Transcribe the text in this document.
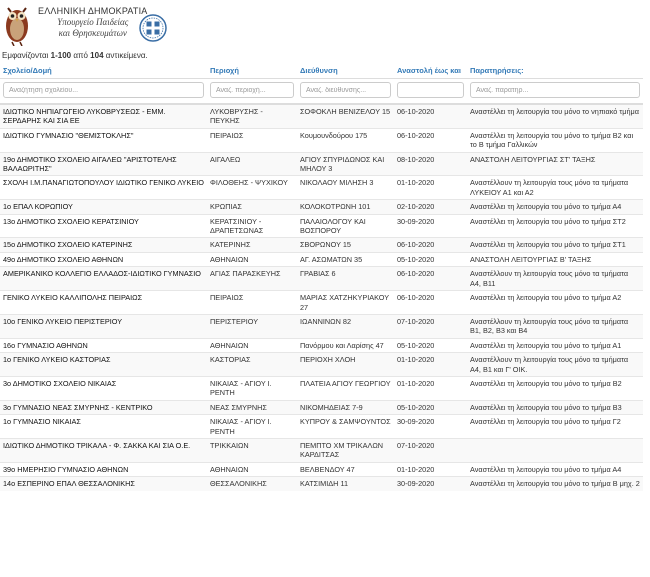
ΕΛΛΗΝΙΚΗ ΔΗΜΟΚΡΑΤΙΑ
Υπουργείο Παιδείας
και Θρησκευμάτων
Εμφανίζονται 1-100 από 104 αντικείμενα.
Σχολείο/Δομή	Περιοχή	Διεύθυνση	Αναστολή έως και	Παρατηρήσεις:
Αναζήτηση σχολείου...	Αναζ. περιοχή...	Αναζ. διεύθυνσης...		Αναζ. παρατηρ...
ΙΔΙΩΤΙΚΟ ΝΗΠΙΑΓΩΓΕΙΟ ΛΥΚΟΒΡΥΣΕΩΣ - ΕΜΜ. ΣΕΡΔΑΡΗΣ ΚΑΙ ΣΙΑ ΕΕ	ΛΥΚΟΒΡΥΣΗΣ - ΠΕΥΚΗΣ	ΣΟΦΟΚΛΗ ΒΕΝΙΖΕΛΟΥ 15	06-10-2020	Αναστέλλει τη λειτουργία του μόνο το νηπιακό τμήμα
ΙΔΙΩΤΙΚΟ ΓΥΜΝΑΣΙΟ "ΘΕΜΙΣΤΟΚΛΗΣ"	ΠΕΙΡΑΙΩΣ	Κουμουνδούρου 175	06-10-2020	Αναστέλλει τη λειτουργία του μόνο το τμήμα Β2 και το Β τμήμα Γαλλικών
19ο ΔΗΜΟΤΙΚΟ ΣΧΟΛΕΙΟ ΑΙΓΑΛΕΩ "ΑΡΙΣΤΟΤΕΛΗΣ ΒΑΛΑΩΡΙΤΗΣ"	ΑΙΓΑΛΕΩ	ΑΓΙΟΥ ΣΠΥΡΙΔΩΝΟΣ ΚΑΙ ΜΗΛΟΥ 3	08-10-2020	ΑΝΑΣΤΟΛΗ ΛΕΙΤΟΥΡΓΙΑΣ ΣΤ' ΤΑΞΗΣ
ΣΧΟΛΗ Ι.Μ.ΠΑΝΑΓΙΩΤΟΠΟΥΛΟΥ ΙΔΙΩΤΙΚΟ ΓΕΝΙΚΟ ΛΥΚΕΙΟ	ΦΙΛΟΘΕΗΣ - ΨΥΧΙΚΟΥ	ΝΙΚΟΛΑΟΥ ΜΙΛΗΣΗ 3	01-10-2020	Αναστέλλουν τη λειτουργία τους μόνο τα τμήματα ΛΥΚΕΙΟΥ Α1 και Α2
1ο ΕΠΑΛ ΚΟΡΩΠΙΟΥ	ΚΡΩΠΙΑΣ	ΚΟΛΟΚΟΤΡΩΝΗ 101	02-10-2020	Αναστέλλει τη λειτουργία του μόνο το τμήμα Α4
13ο ΔΗΜΟΤΙΚΟ ΣΧΟΛΕΙΟ ΚΕΡΑΤΣΙΝΙΟΥ	ΚΕΡΑΤΣΙΝΙΟΥ - ΔΡΑΠΕΤΣΩΝΑΣ	ΠΑΛΑΙΟΛΟΓΟΥ ΚΑΙ ΒΟΣΠΟΡΟΥ	30-09-2020	Αναστέλλει τη λειτουργία του μόνο το τμήμα ΣΤ2
15ο ΔΗΜΟΤΙΚΟ ΣΧΟΛΕΙΟ ΚΑΤΕΡΙΝΗΣ	ΚΑΤΕΡΙΝΗΣ	ΣΒΟΡΩΝΟΥ 15	06-10-2020	Αναστέλλει τη λειτουργία του μόνο το τμήμα ΣΤ1
49ο ΔΗΜΟΤΙΚΟ ΣΧΟΛΕΙΟ ΑΘΗΝΩΝ	ΑΘΗΝΑΙΩΝ	ΑΓ. ΑΣΩΜΑΤΩΝ 35	05-10-2020	ΑΝΑΣΤΟΛΗ ΛΕΙΤΟΥΡΓΙΑΣ Β' ΤΑΞΗΣ
ΑΜΕΡΙΚΑΝΙΚΟ ΚΟΛΛΕΓΙΟ ΕΛΛΑΔΟΣ-ΙΔΙΩΤΙΚΟ ΓΥΜΝΑΣΙΟ	ΑΓΙΑΣ ΠΑΡΑΣΚΕΥΗΣ	ΓΡΑΒΙΑΣ 6	06-10-2020	Αναστέλλουν τη λειτουργία τους μόνο τα τμήματα Α4, Β11
ΓΕΝΙΚΟ ΛΥΚΕΙΟ ΚΑΛΛΙΠΟΛΗΣ ΠΕΙΡΑΙΩΣ	ΠΕΙΡΑΙΩΣ	ΜΑΡΙΑΣ ΧΑΤΖΗΚΥΡΙΑΚΟΥ 27	06-10-2020	Αναστέλλει τη λειτουργία του μόνο το τμήμα Α2
10ο ΓΕΝΙΚΟ ΛΥΚΕΙΟ ΠΕΡΙΣΤΕΡΙΟΥ	ΠΕΡΙΣΤΕΡΙΟΥ	ΙΩΑΝΝΙΝΩΝ 82	07-10-2020	Αναστέλλουν τη λειτουργία τους μόνο τα τμήματα Β1, Β2, Β3 και Β4
16ο ΓΥΜΝΑΣΙΟ ΑΘΗΝΩΝ	ΑΘΗΝΑΙΩΝ	Πανόρμου και Λαρίσης 47	05-10-2020	Αναστέλλει τη λειτουργία του μόνο το τμήμα Α1
1ο ΓΕΝΙΚΟ ΛΥΚΕΙΟ ΚΑΣΤΟΡΙΑΣ	ΚΑΣΤΟΡΙΑΣ	ΠΕΡΙΟΧΗ ΧΛΟΗ	01-10-2020	Αναστέλλουν τη λειτουργία τους μόνο τα τμήματα Α4, Β1 και Γ' ΟΙΚ.
3ο ΔΗΜΟΤΙΚΟ ΣΧΟΛΕΙΟ ΝΙΚΑΙΑΣ	ΝΙΚΑΙΑΣ - ΑΓΙΟΥ Ι. ΡΕΝΤΗ	ΠΛΑΤΕΙΑ ΑΓΙΟΥ ΓΕΩΡΓΙΟΥ	01-10-2020	Αναστέλλει τη λειτουργία του μόνο το τμήμα Β2
3ο ΓΥΜΝΑΣΙΟ ΝΕΑΣ ΣΜΥΡΝΗΣ - ΚΕΝΤΡΙΚΟ	ΝΕΑΣ ΣΜΥΡΝΗΣ	ΝΙΚΟΜΗΔΕΙΑΣ 7-9	05-10-2020	Αναστέλλει τη λειτουργία του μόνο το τμήμα Β3
1ο ΓΥΜΝΑΣΙΟ ΝΙΚΑΙΑΣ	ΝΙΚΑΙΑΣ - ΑΓΙΟΥ Ι. ΡΕΝΤΗ	ΚΥΠΡΟΥ & ΣΑΜΨΟΥΝΤΟΣ	30-09-2020	Αναστέλλει τη λειτουργία του μόνο το τμήμα Γ2
ΙΔΙΩΤΙΚΟ ΔΗΜΟΤΙΚΟ ΤΡΙΚΑΛΑ - Φ. ΣΑΚΚΑ ΚΑΙ ΣΙΑ Ο.Ε.	ΤΡΙΚΚΑΙΩΝ	ΠΕΜΠΤΟ ΧΜ ΤΡΙΚΑΛΩΝ ΚΑΡΔΙΤΣΑΣ	07-10-2020	
39ο ΗΜΕΡΗΣΙΟ ΓΥΜΝΑΣΙΟ ΑΘΗΝΩΝ	ΑΘΗΝΑΙΩΝ	ΒΕΛΒΕΝΔΟΥ 47	01-10-2020	Αναστέλλει τη λειτουργία του μόνο το τμήμα Α4
14ο ΕΣΠΕΡΙΝΟ ΕΠΑΛ ΘΕΣΣΑΛΟΝΙΚΗΣ	ΘΕΣΣΑΛΟΝΙΚΗΣ	ΚΑΤΣΙΜΙΔΗ 11	30-09-2020	Αναστέλλει τη λειτουργία του μόνο το τμήμα Β μηχ. 2
